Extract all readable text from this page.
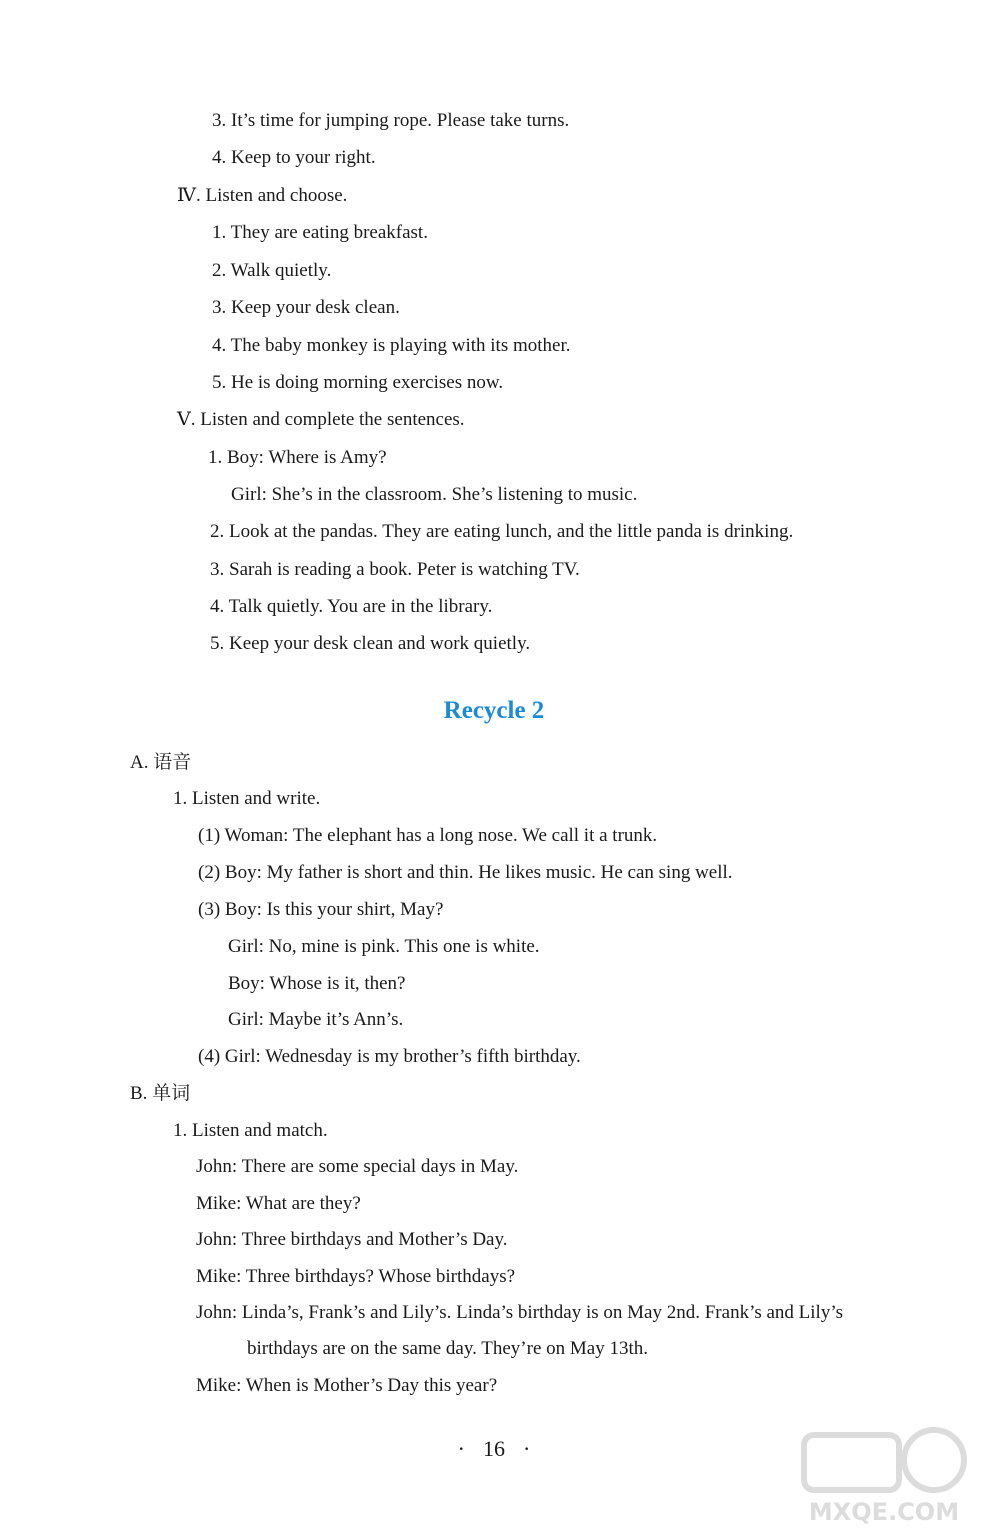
3. It’s time for jumping rope. Please take turns.
4. Keep to your right.
Ⅳ. Listen and choose.
1. They are eating breakfast.
2. Walk quietly.
3. Keep your desk clean.
4. The baby monkey is playing with its mother.
5. He is doing morning exercises now.
Ⅴ. Listen and complete the sentences.
1. Boy: Where is Amy?
Girl: She’s in the classroom. She’s listening to music.
2. Look at the pandas. They are eating lunch, and the little panda is drinking.
3. Sarah is reading a book. Peter is watching TV.
4. Talk quietly. You are in the library.
5. Keep your desk clean and work quietly.
Recycle 2
A. 语音
1. Listen and write.
(1) Woman: The elephant has a long nose. We call it a trunk.
(2) Boy: My father is short and thin. He likes music. He can sing well.
(3) Boy: Is this your shirt, May?
Girl: No, mine is pink. This one is white.
Boy: Whose is it, then?
Girl: Maybe it’s Ann’s.
(4) Girl: Wednesday is my brother’s fifth birthday.
B. 单词
1. Listen and match.
John: There are some special days in May.
Mike: What are they?
John: Three birthdays and Mother’s Day.
Mike: Three birthdays? Whose birthdays?
John: Linda’s, Frank’s and Lily’s. Linda’s birthday is on May 2nd. Frank’s and Lily’s
birthdays are on the same day. They’re on May 13th.
Mike: When is Mother’s Day this year?
· 16 ·
MXQE.COM
